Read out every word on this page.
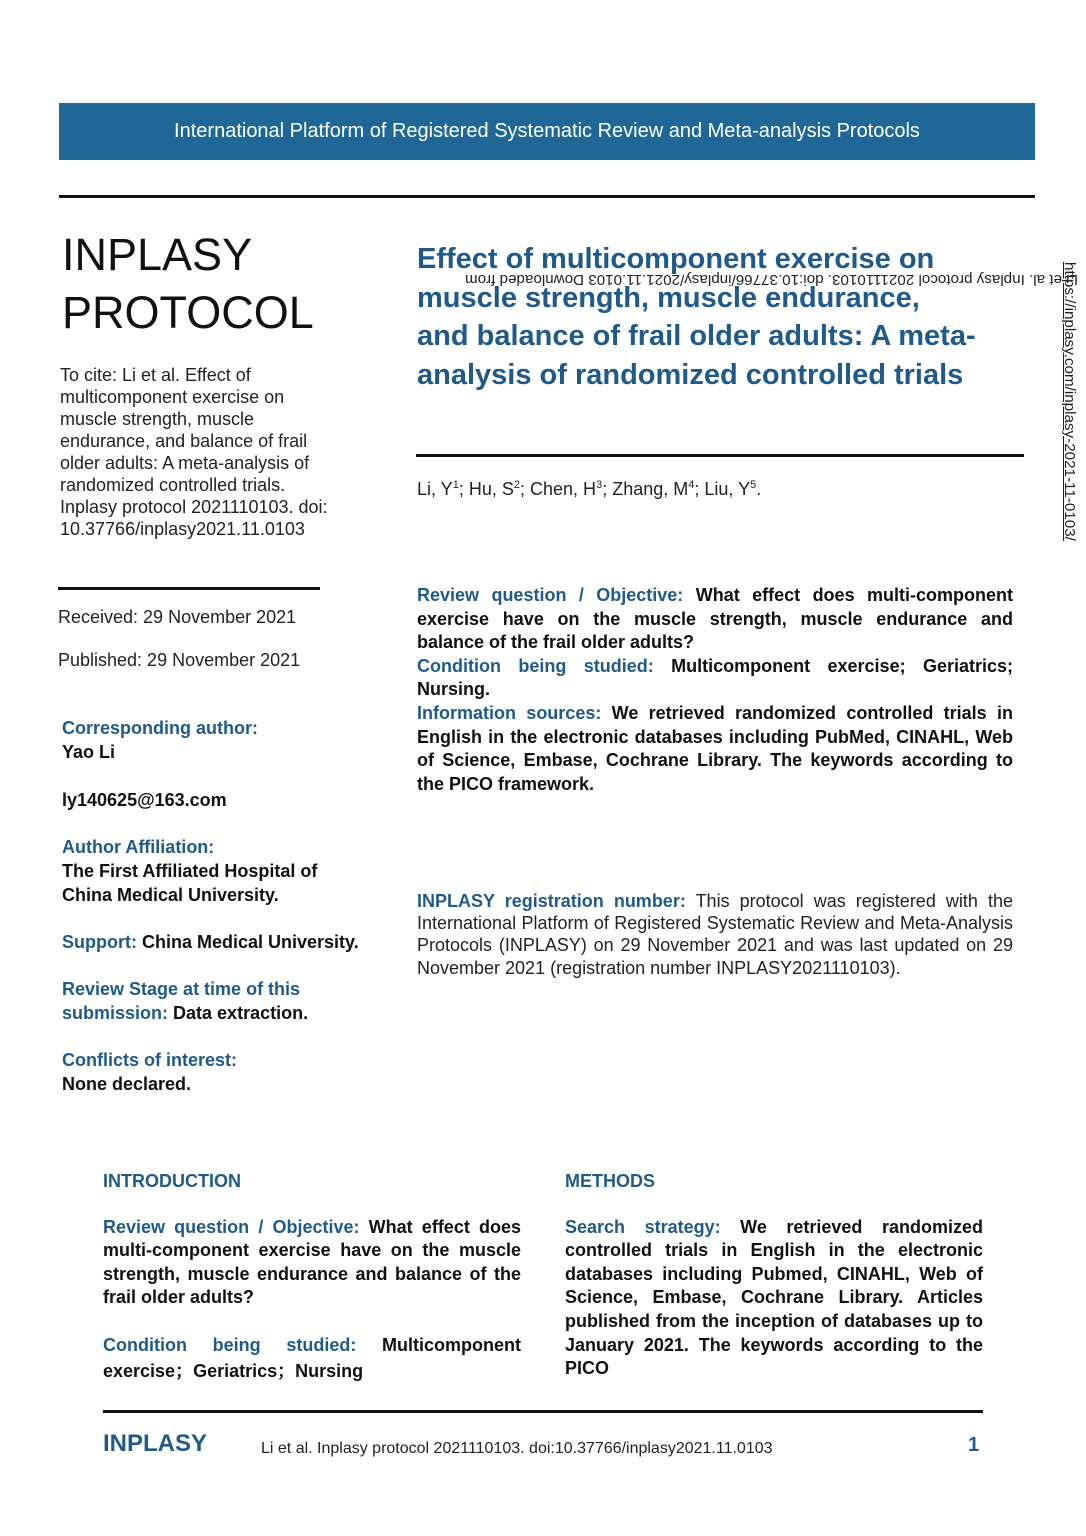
International Platform of Registered Systematic Review and Meta-analysis Protocols
INPLASY
PROTOCOL
To cite: Li et al. Effect of multicomponent exercise on muscle strength, muscle endurance, and balance of frail older adults: A meta-analysis of randomized controlled trials. Inplasy protocol 2021110103. doi: 10.37766/inplasy2021.11.0103
Received: 29 November 2021
Published: 29 November 2021
Corresponding author:
Yao Li
ly140625@163.com
Author Affiliation:
The First Affiliated Hospital of China Medical University.
Support: China Medical University.
Review Stage at time of this submission: Data extraction.
Conflicts of interest:
None declared.
Effect of multicomponent exercise on muscle strength, muscle endurance, and balance of frail older adults: A meta-analysis of randomized controlled trials
Li, $Y^1$; Hu, $S^2$; Chen, $H^3$; Zhang, $M^4$; Liu, $Y^5$.
Review question / Objective: What effect does multi-component exercise have on the muscle strength, muscle endurance and balance of the frail older adults?
Condition being studied: Multicomponent exercise; Geriatrics; Nursing.
Information sources: We retrieved randomized controlled trials in English in the electronic databases including PubMed, CINAHL, Web of Science, Embase, Cochrane Library. The keywords according to the PICO framework.
INPLASY registration number: This protocol was registered with the International Platform of Registered Systematic Review and Meta-Analysis Protocols (INPLASY) on 29 November 2021 and was last updated on 29 November 2021 (registration number INPLASY2021110103).
INTRODUCTION

Review question / Objective: What effect does multi-component exercise have on the muscle strength, muscle endurance and balance of the frail older adults?

Condition being studied: Multicomponent exercise；Geriatrics；Nursing

METHODS

Search strategy: We retrieved randomized controlled trials in English in the electronic databases including Pubmed, CINAHL, Web of Science, Embase, Cochrane Library. Articles published from the inception of databases up to January 2021. The keywords according to the PICO

INPLASY	Li et al. Inplasy protocol 2021110103. doi:10.37766/inplasy2021.11.0103	1
Li et al. Inplasy protocol 2021110103. doi:10.37766/inplasy/2021.11.0103 Downloaded from
https://inplasy.com/inplasy-2021-11-0103/
